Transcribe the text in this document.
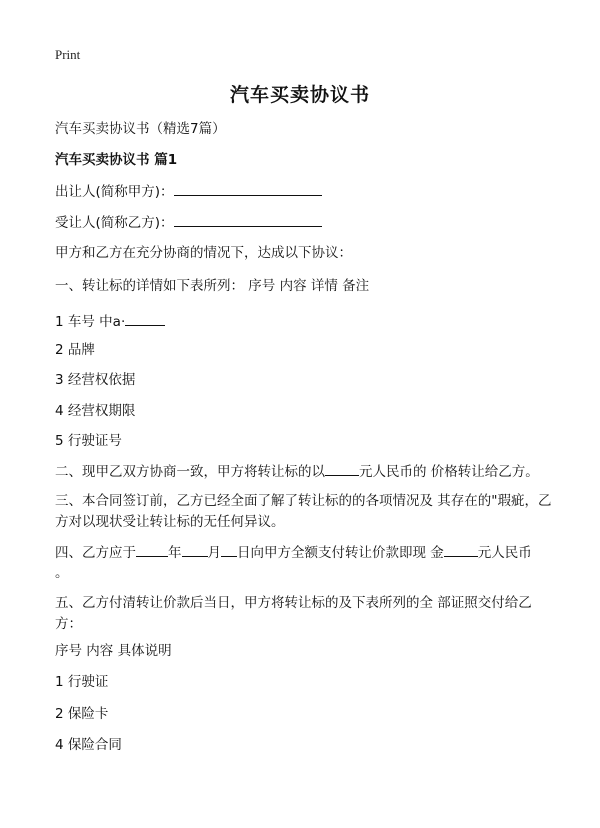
Print
汽车买卖协议书
汽车买卖协议书（精选7篇）
汽车买卖协议书 篇1
出让人(简称甲方)：
受让人(简称乙方)：
甲方和乙方在充分协商的情况下，达成以下协议：
一、转让标的详情如下表所列： 序号 内容 详情 备注
1 车号 中a·
2 品牌
3 经营权依据
4 经营权期限
5 行驶证号
二、现甲乙双方协商一致，甲方将转让标的以	元人民币的 价格转让给乙方。
三、本合同签订前，乙方已经全面了解了转让标的的各项情况及 其存在的"瑕疵，乙方对以现状受让转让标的无任何异议。
四、乙方应于 年 月 日向甲方全额支付转让价款即现 金	元人民币
。
五、乙方付清转让价款后当日，甲方将转让标的及下表所列的全 部证照交付给乙方：
序号 内容 具体说明
1 行驶证
2 保险卡
4 保险合同
